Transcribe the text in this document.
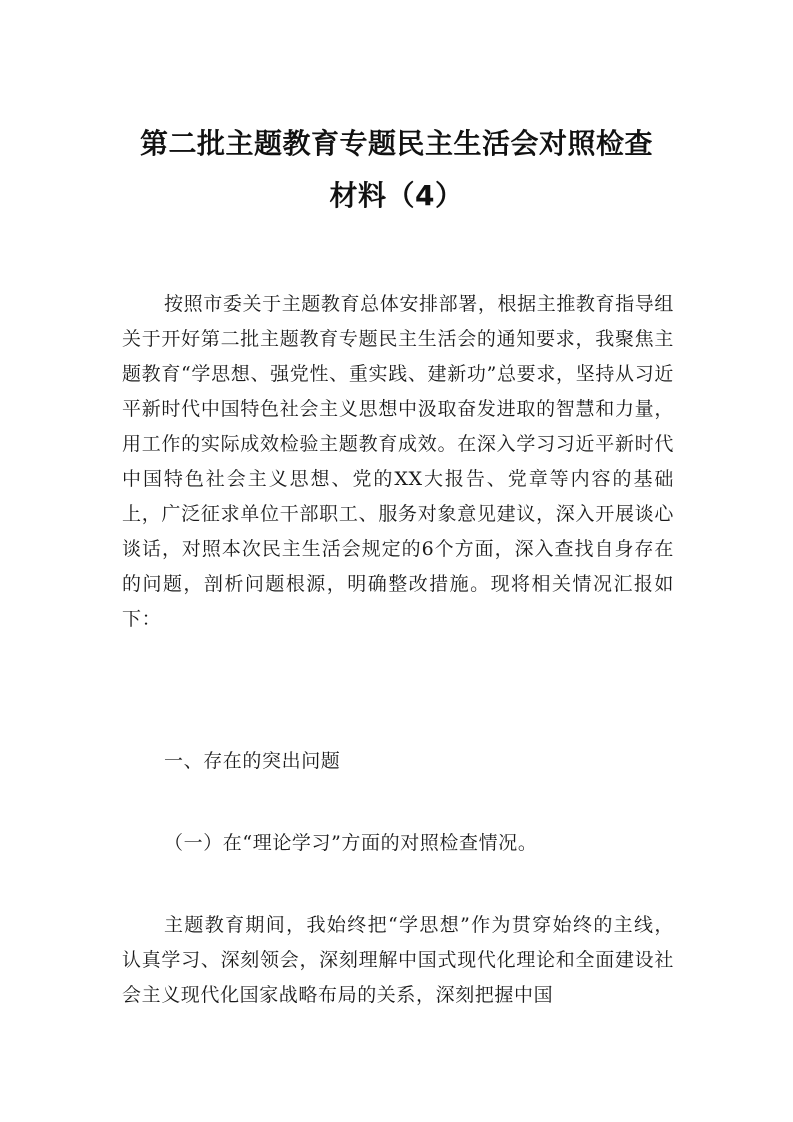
第二批主题教育专题民主生活会对照检查
材料（4）
按照市委关于主题教育总体安排部署，根据主推教育指导组关于开好第二批主题教育专题民主生活会的通知要求，我聚焦主题教育“学思想、强党性、重实践、建新功”总要求，坚持从习近平新时代中国特色社会主义思想中汲取奋发进取的智慧和力量，用工作的实际成效检验主题教育成效。在深入学习习近平新时代中国特色社会主义思想、党的XX大报告、党章等内容的基础上，广泛征求单位干部职工、服务对象意见建议，深入开展谈心谈话，对照本次民主生活会规定的6个方面，深入查找自身存在的问题，剖析问题根源，明确整改措施。现将相关情况汇报如下：
一、存在的突出问题
（一）在“理论学习”方面的对照检查情况。
主题教育期间，我始终把“学思想”作为贯穿始终的主线，认真学习、深刻领会，深刻理解中国式现代化理论和全面建设社会主义现代化国家战略布局的关系，深刻把握中国
